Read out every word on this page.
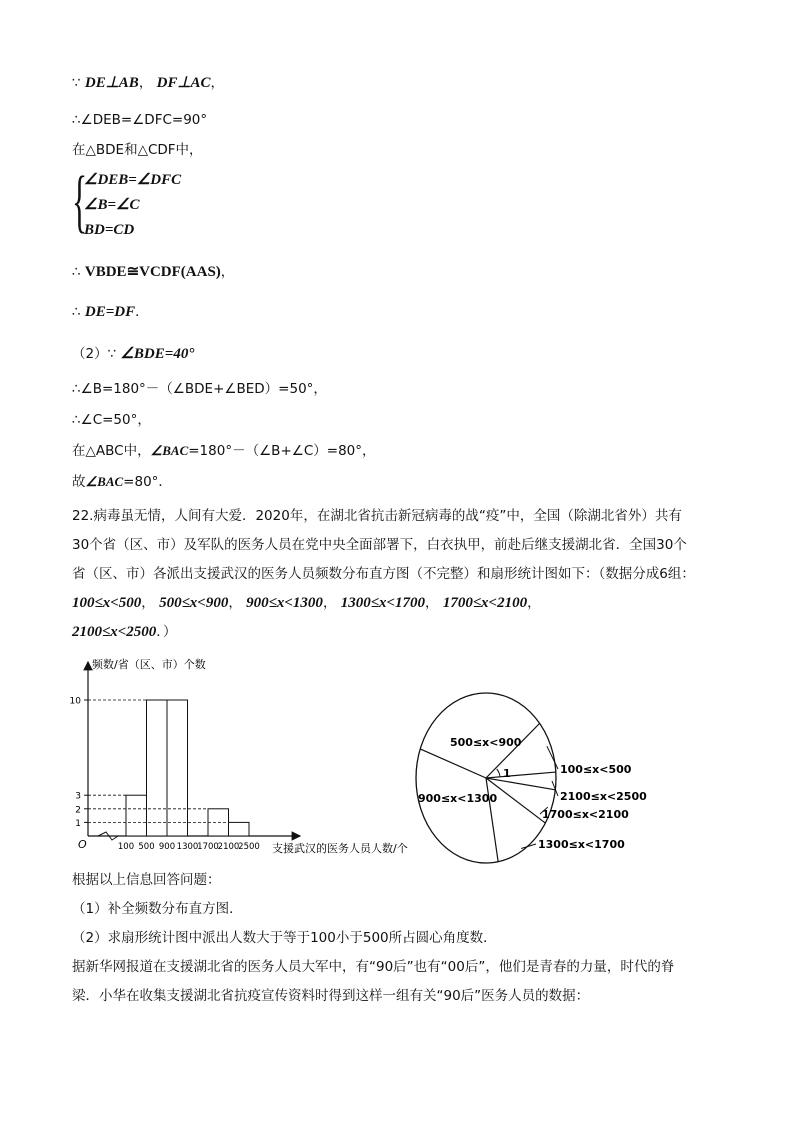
∵ DE⊥AB， DF⊥AC，
∴∠DEB=∠DFC=90°
在△BDE和△CDF中，
{
∠DEB=∠DFC
∠B=∠C
BD=CD
∴ VBDE≅VCDF(AAS)，
∴ DE=DF．
（2）∵ ∠BDE=40°
∴∠B=180°－（∠BDE+∠BED）=50°，
∴∠C=50°，
在△ABC中，∠BAC=180°－（∠B+∠C）=80°，
故∠BAC=80°．
22.病毒虽无情，人间有大爱．2020年，在湖北省抗击新冠病毒的战“疫”中，全国（除湖北省外）共有
30个省（区、市）及军队的医务人员在党中央全面部署下，白衣执甲，前赴后继支援湖北省．全国30个
省（区、市）各派出支援武汉的医务人员频数分布直方图（不完整）和扇形统计图如下：（数据分成6组：
100≤x<500， 500≤x<900， 900≤x<1300， 1300≤x<1700， 1700≤x<2100，
2100≤x<2500．）
频数/省（区、市）个数
支援武汉的医务人员人数/个
O	100 500 900 1300
1700
2100
2500
1
2
3
10
500≤x<900
100≤x<500
2100≤x<2500
1700≤x<2100
1300≤x<1700
900≤x<1300
1
根据以上信息回答问题：
（1）补全频数分布直方图．
（2）求扇形统计图中派出人数大于等于100小于500所占圆心角度数．
据新华网报道在支援湖北省的医务人员大军中，有“90后”也有“00后”，他们是青春的力量，时代的脊
梁．小华在收集支援湖北省抗疫宣传资料时得到这样一组有关“90后”医务人员的数据：
